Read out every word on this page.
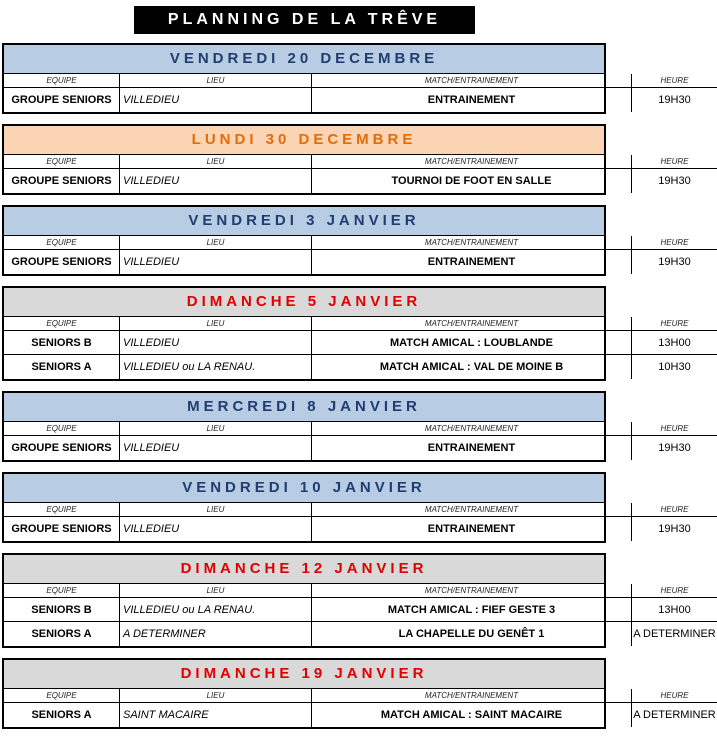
PLANNING DE LA TRÊVE
VENDREDI 20 DECEMBRE
EQUIPE	LIEU	MATCH/ENTRAINEMENT	HEURE
GROUPE SENIORS	VILLEDIEU	ENTRAINEMENT	19H30
LUNDI 30 DECEMBRE
EQUIPE	LIEU	MATCH/ENTRAINEMENT	HEURE
GROUPE SENIORS	VILLEDIEU	TOURNOI DE FOOT EN SALLE	19H30
VENDREDI 3 JANVIER
EQUIPE	LIEU	MATCH/ENTRAINEMENT	HEURE
GROUPE SENIORS	VILLEDIEU	ENTRAINEMENT	19H30
DIMANCHE 5 JANVIER
EQUIPE	LIEU	MATCH/ENTRAINEMENT	HEURE
SENIORS B	VILLEDIEU	MATCH AMICAL : LOUBLANDE	13H00
SENIORS A	VILLEDIEU ou LA RENAU.	MATCH AMICAL : VAL DE MOINE B	10H30
MERCREDI 8 JANVIER
EQUIPE	LIEU	MATCH/ENTRAINEMENT	HEURE
GROUPE SENIORS	VILLEDIEU	ENTRAINEMENT	19H30
VENDREDI 10 JANVIER
EQUIPE	LIEU	MATCH/ENTRAINEMENT	HEURE
GROUPE SENIORS	VILLEDIEU	ENTRAINEMENT	19H30
DIMANCHE 12 JANVIER
EQUIPE	LIEU	MATCH/ENTRAINEMENT	HEURE
SENIORS B	VILLEDIEU ou LA RENAU.	MATCH AMICAL : FIEF GESTE 3	13H00
SENIORS A	A DETERMINER	LA CHAPELLE DU GENÊT 1	A DETERMINER
DIMANCHE 19 JANVIER
EQUIPE	LIEU	MATCH/ENTRAINEMENT	HEURE
SENIORS A	SAINT MACAIRE	MATCH AMICAL : SAINT MACAIRE	A DETERMINER
